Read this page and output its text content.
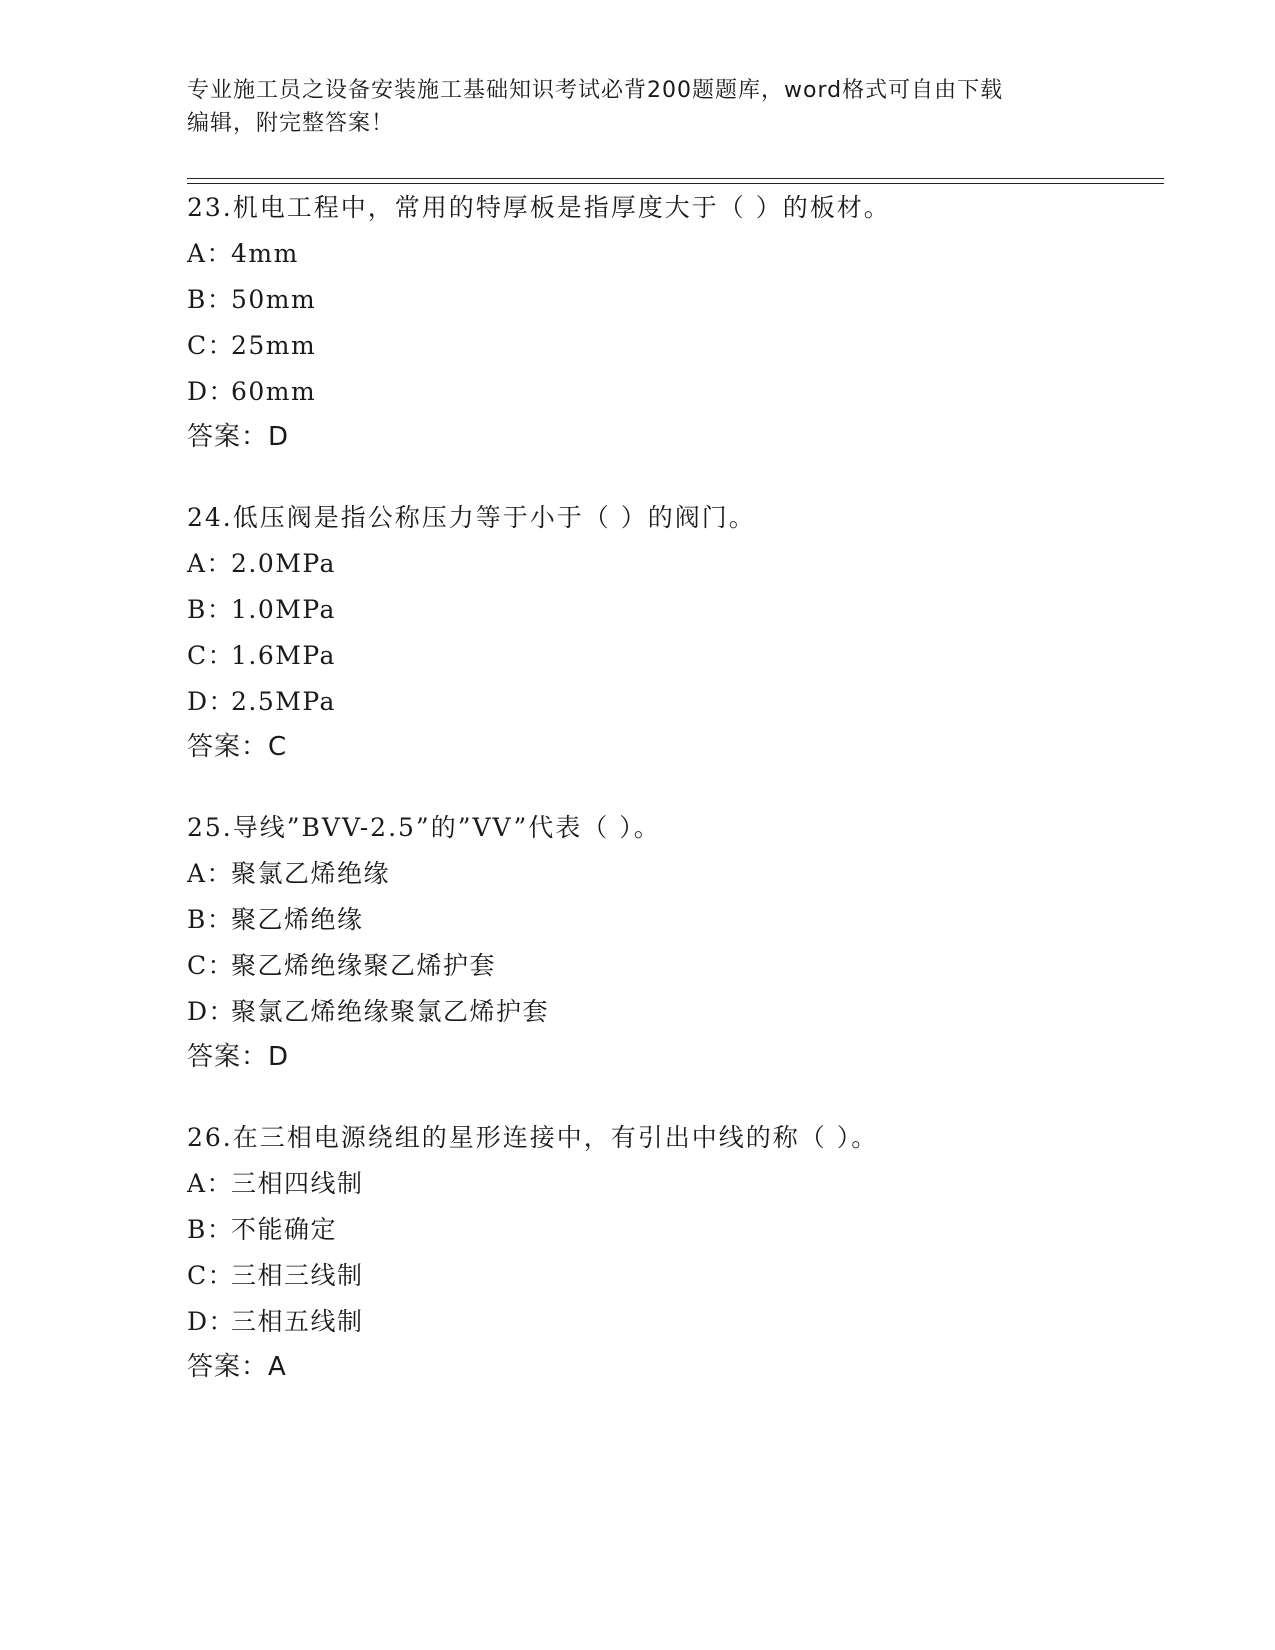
专业施工员之设备安装施工基础知识考试必背200题题库，word格式可自由下载
编辑，附完整答案！
23.机电工程中，常用的特厚板是指厚度大于（ ）的板材。
A：4mm
B：50mm
C：25mm
D：60mm
答案：D
24.低压阀是指公称压力等于小于（ ）的阀门。
A：2.0MPa
B：1.0MPa
C：1.6MPa
D：2.5MPa
答案：C
25.导线”BVV-2.5”的”VV”代表（ ）。
A：聚氯乙烯绝缘
B：聚乙烯绝缘
C：聚乙烯绝缘聚乙烯护套
D：聚氯乙烯绝缘聚氯乙烯护套
答案：D
26.在三相电源绕组的星形连接中，有引出中线的称（ ）。
A：三相四线制
B：不能确定
C：三相三线制
D：三相五线制
答案：A
